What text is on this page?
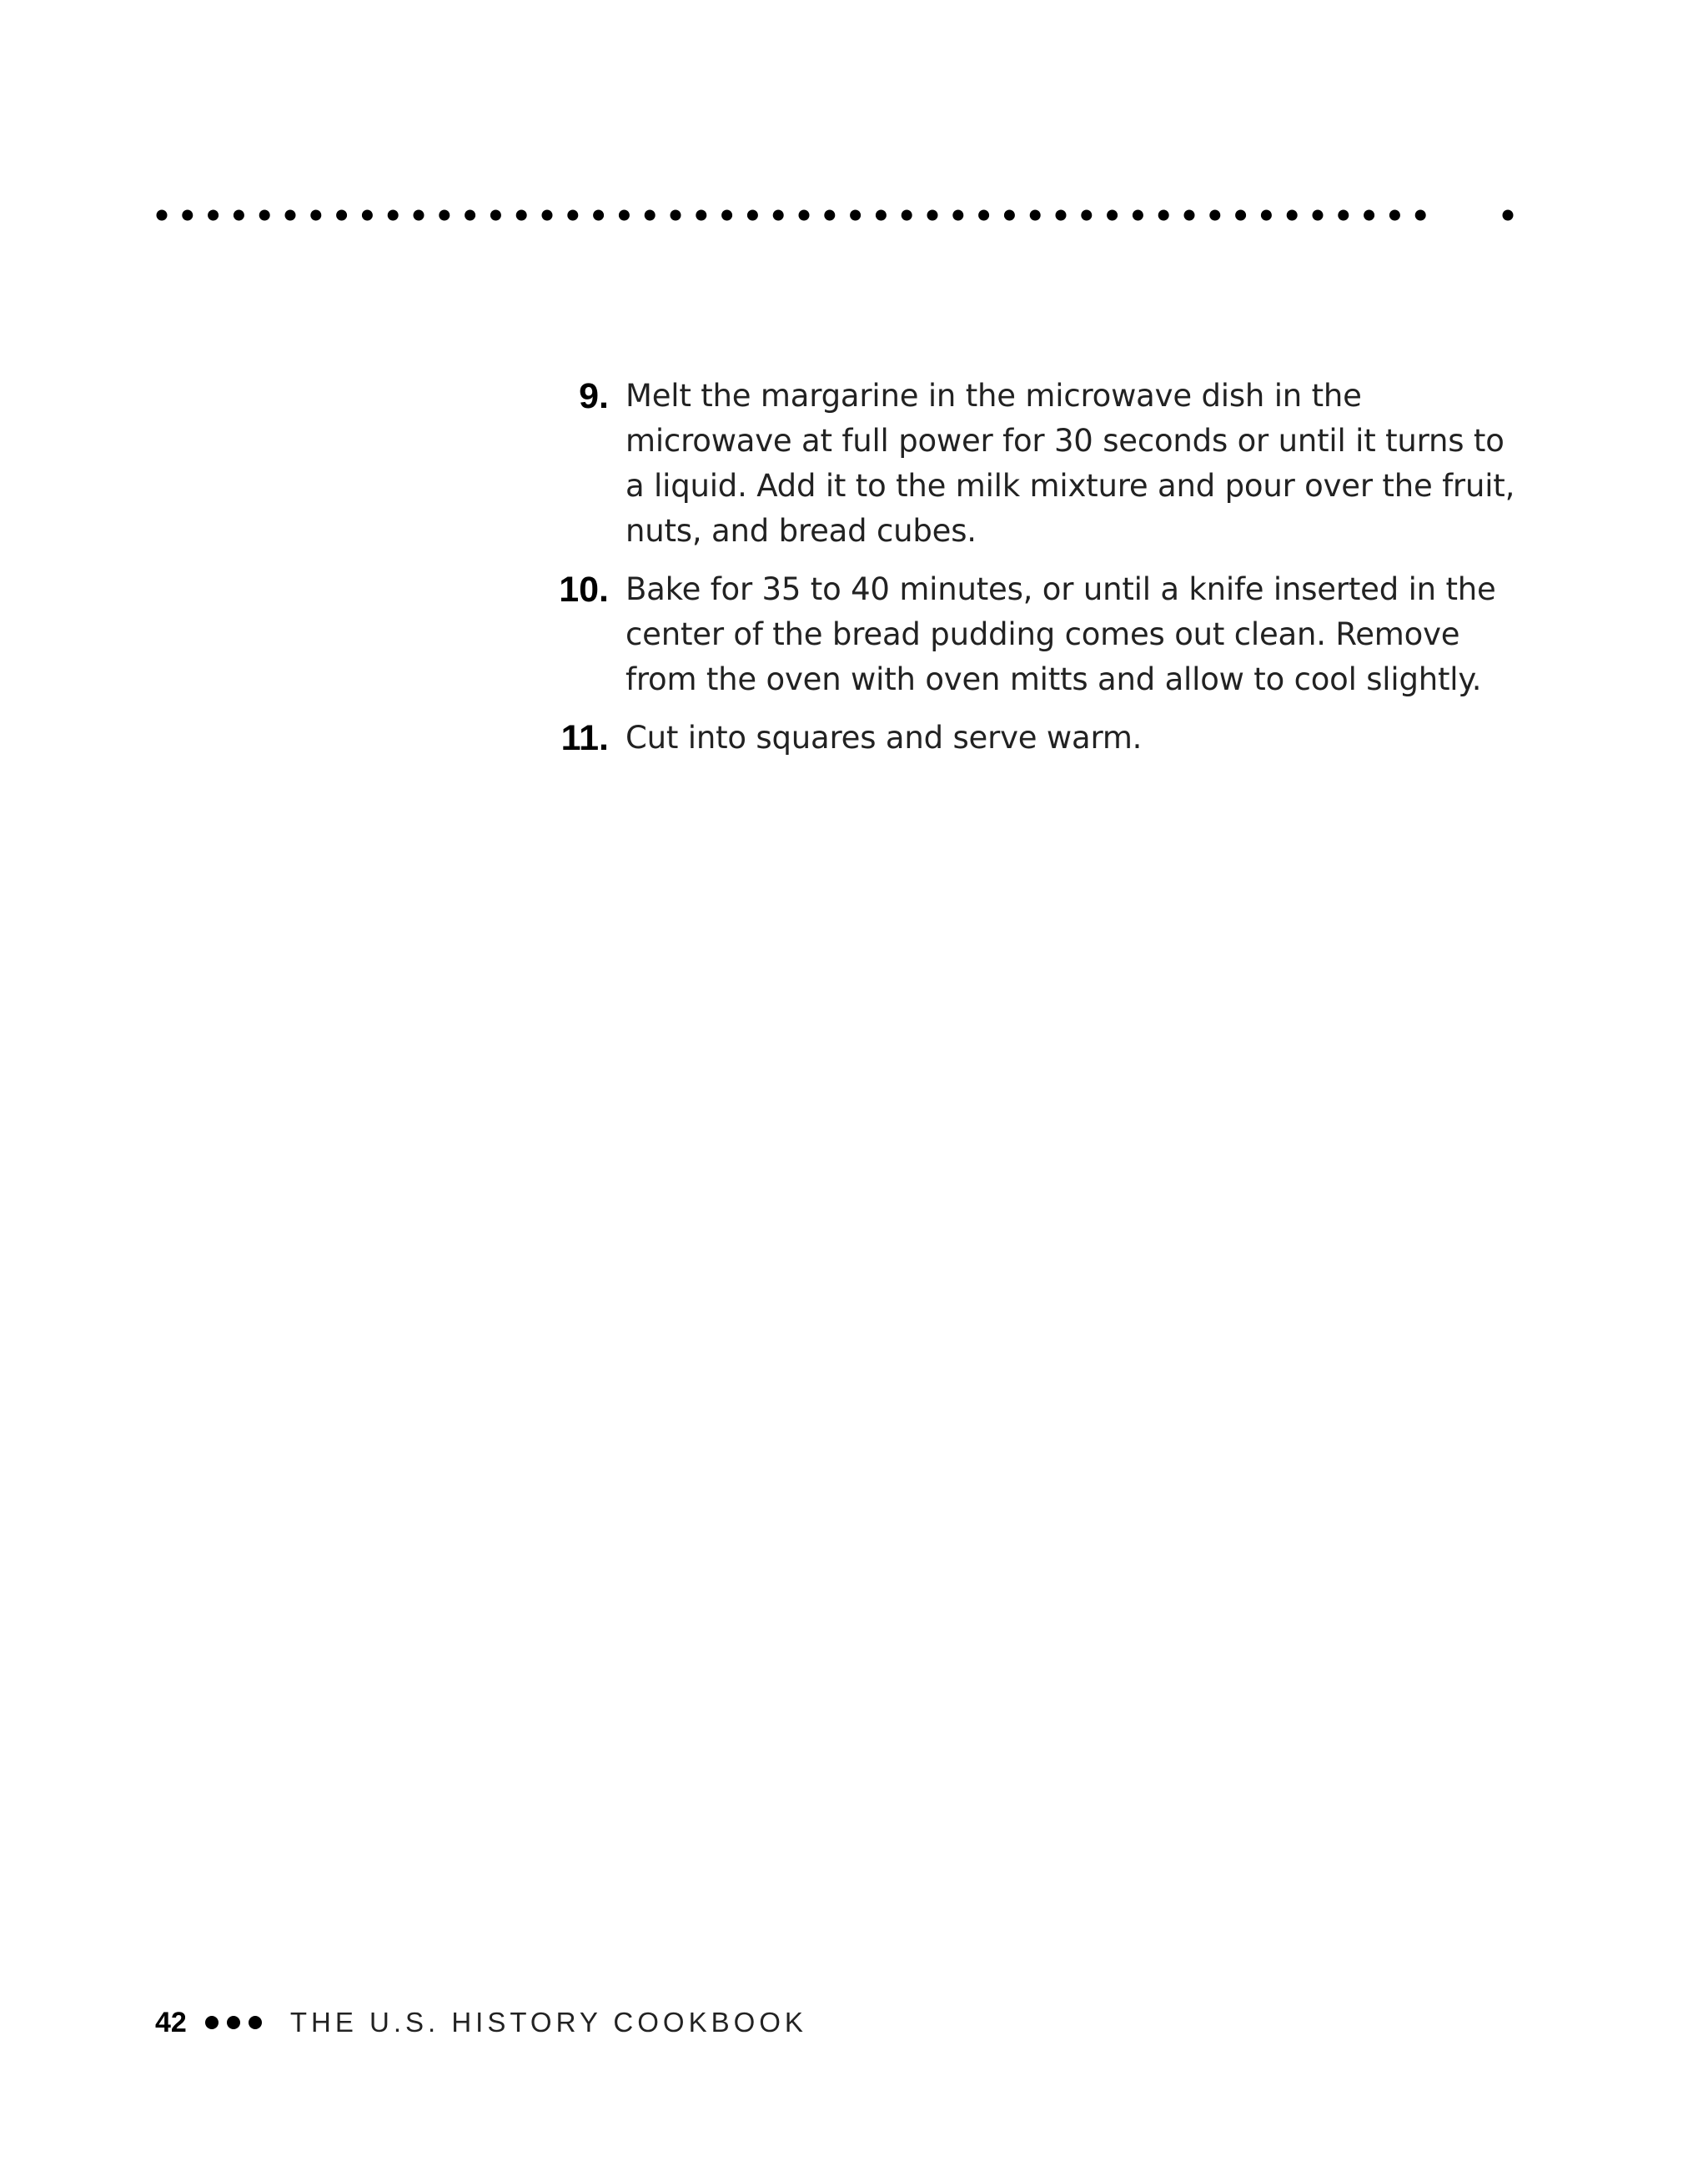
9. Melt the margarine in the microwave dish in the microwave at full power for 30 seconds or until it turns to a liquid. Add it to the milk mixture and pour over the fruit, nuts, and bread cubes.
10. Bake for 35 to 40 minutes, or until a knife inserted in the center of the bread pudding comes out clean. Remove from the oven with oven mitts and allow to cool slightly.
11. Cut into squares and serve warm.
42	THE U.S. HISTORY COOKBOOK
